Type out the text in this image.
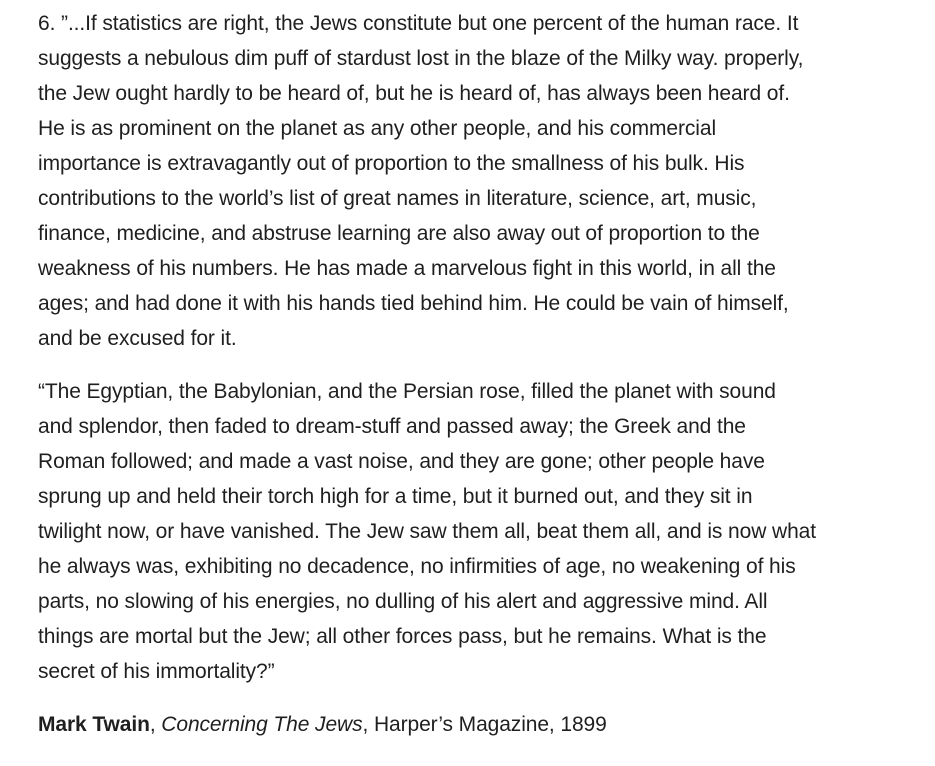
6. ”...If statistics are right, the Jews constitute but one percent of the human race. It
suggests a nebulous dim puff of stardust lost in the blaze of the Milky way. properly,
the Jew ought hardly to be heard of, but he is heard of, has always been heard of.
He is as prominent on the planet as any other people, and his commercial
importance is extravagantly out of proportion to the smallness of his bulk. His
contributions to the world’s list of great names in literature, science, art, music,
finance, medicine, and abstruse learning are also away out of proportion to the
weakness of his numbers. He has made a marvelous fight in this world, in all the
ages; and had done it with his hands tied behind him. He could be vain of himself,
and be excused for it.

“The Egyptian, the Babylonian, and the Persian rose, filled the planet with sound
and splendor, then faded to dream-stuff and passed away; the Greek and the
Roman followed; and made a vast noise, and they are gone; other people have
sprung up and held their torch high for a time, but it burned out, and they sit in
twilight now, or have vanished. The Jew saw them all, beat them all, and is now what
he always was, exhibiting no decadence, no infirmities of age, no weakening of his
parts, no slowing of his energies, no dulling of his alert and aggressive mind. All
things are mortal but the Jew; all other forces pass, but he remains. What is the
secret of his immortality?”

Mark Twain, Concerning The Jews, Harper’s Magazine, 1899
